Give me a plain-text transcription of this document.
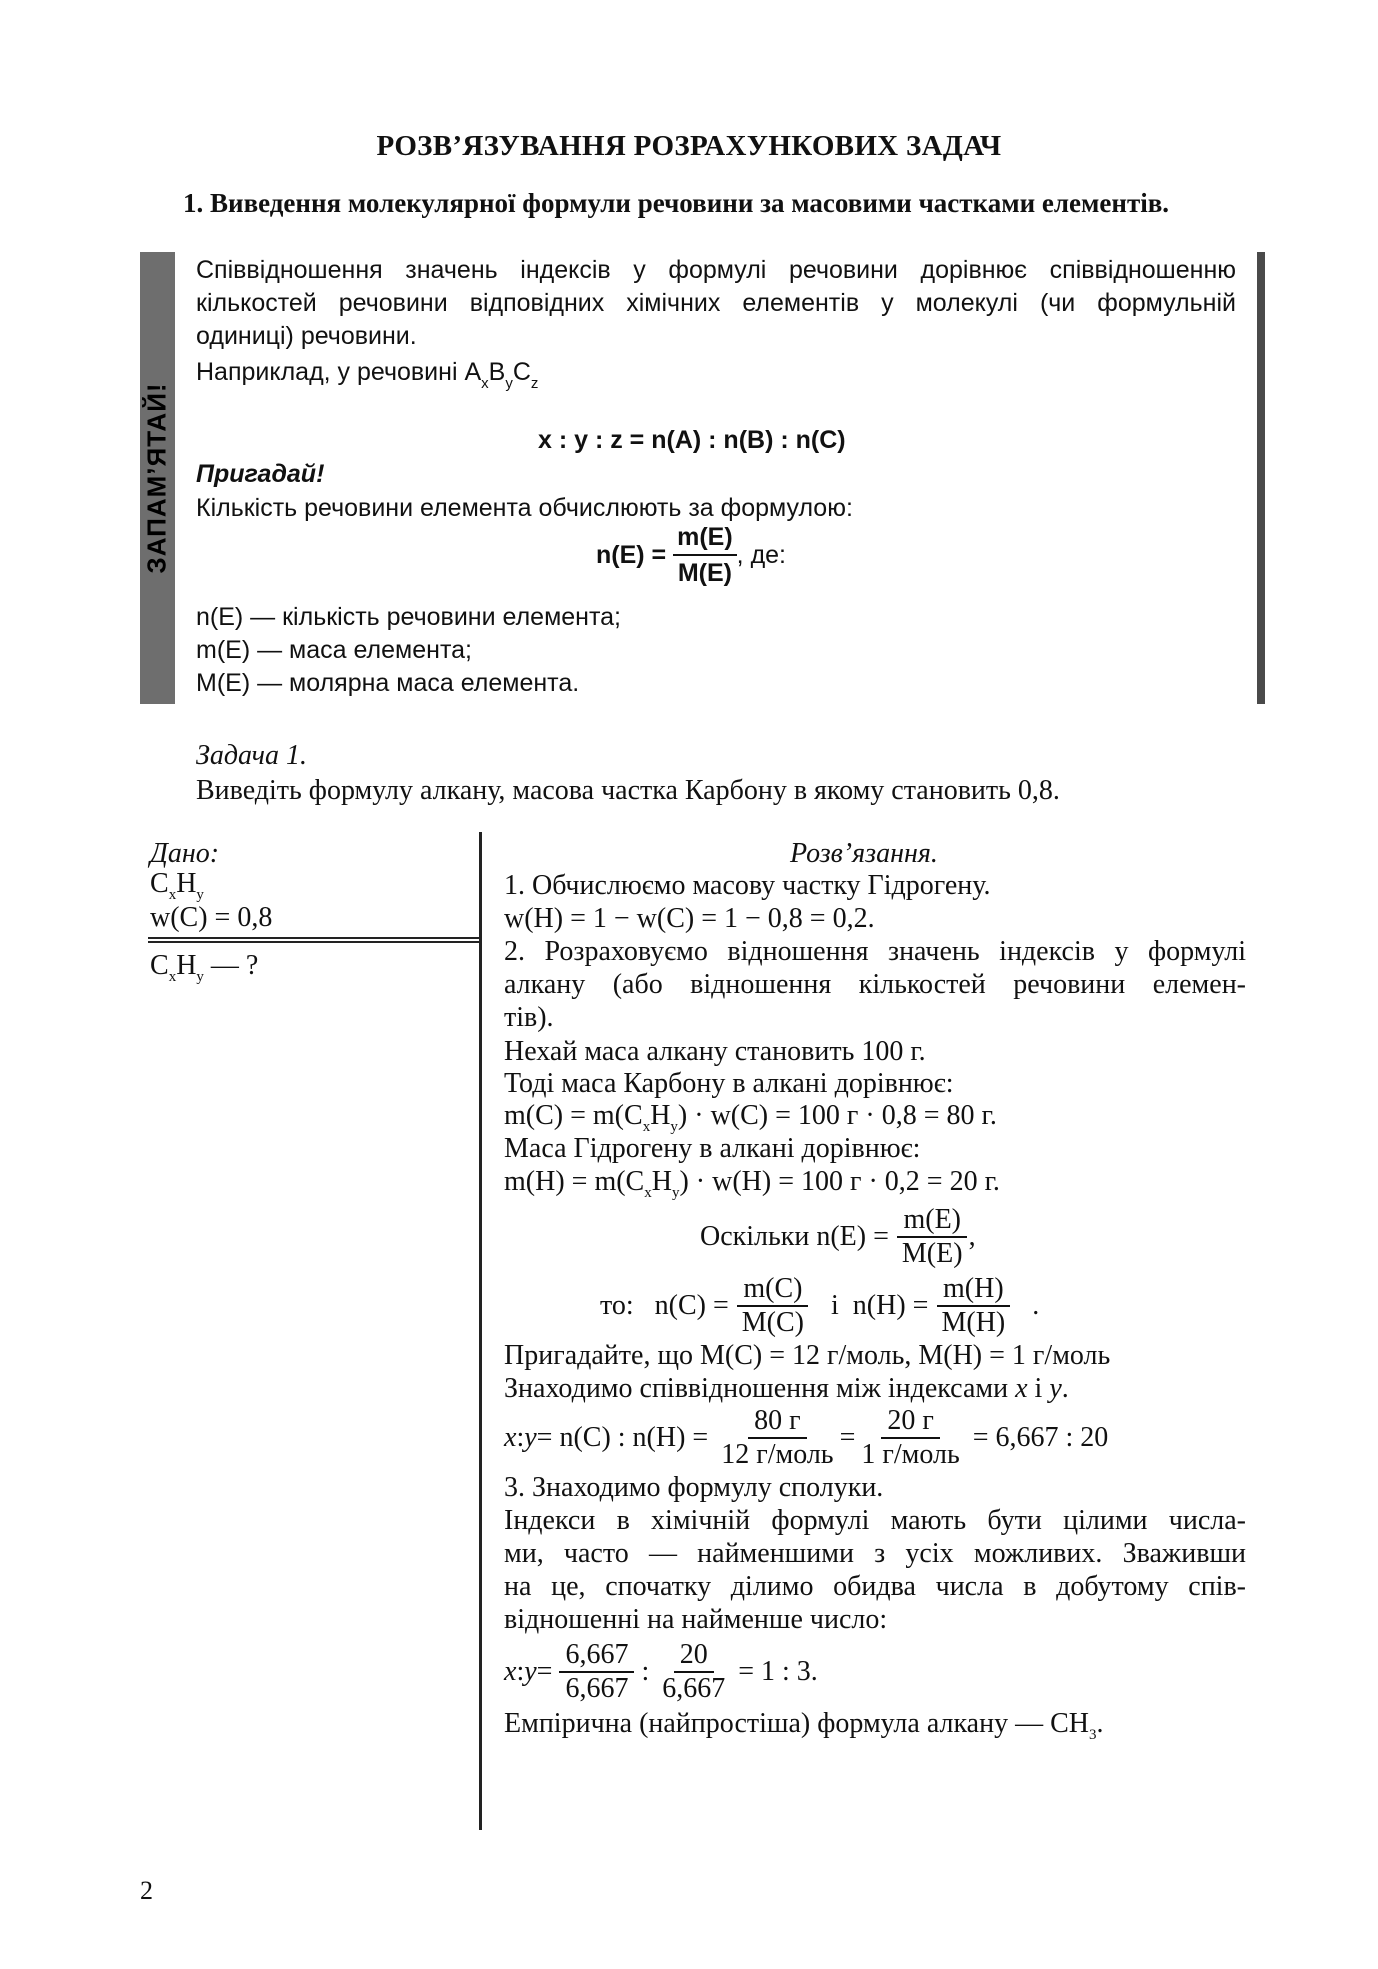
РОЗВ’ЯЗУВАННЯ РОЗРАХУНКОВИХ ЗАДАЧ
1. Виведення молекулярної формули речовини за масовими частками елементів.
ЗАПАМ’ЯТАЙ!
Співвідношення значень індексів у формулі речовини дорівнює співвідношенню
кількостей речовини відповідних хімічних елементів у молекулі (чи формульній
одиниці) речовини.
Наприклад, у речовині $A_xB_yC_z$
x : y : z = n(A) : n(B) : n(C)
Пригадай!
Кількість речовини елемента обчислюють за формулою:
n(E) =
$\frac{m(E)}{M(E)}$ , де:
n(E) — кількість речовини елемента;
m(E) — маса елемента;
M(E) — молярна маса елемента.
Задача 1.
Виведіть формулу алкану, масова частка Карбону в якому становить 0,8.
Дано:
$C_xH_y$
w(C) = 0,8
$C_xH_y$ — ?
Розв’язання.
1. Обчислюємо масову частку Гідрогену.
w(H) = 1 − w(C) = 1 − 0,8 = 0,2.
2. Розраховуємо відношення значень індексів у формулі
алкану (або відношення кількостей речовини елемен-
тів).
Нехай маса алкану становить 100 г.
Тоді маса Карбону в алкані дорівнює:
$m(C) = m(C_xH_y) \cdot w(C) = 100$ г · 0,8 = 80 г.
Маса Гідрогену в алкані дорівнює:
$m(H) = m(C_xH_y) \cdot w(H) = 100$ г · 0,2 = 20 г.
Оскільки n(E) =
$\frac{m(E)}{M(E)}$ ,
то:
n(C) =
$\frac{m(C)}{M(C)}$
і
n(H) =
$\frac{m(H)}{M(H)}$
.
Пригадайте, що M(C) = 12 г/моль, M(H) = 1 г/моль
Знаходимо співвідношення між індексами x і y.
x : y = n(C) : n(H) =
$\frac{80 г}{\text{12 г/моль}} = \frac{20 г}{\text{1 г/моль}}$
= 6,667 : 20
3. Знаходимо формулу сполуки.
Індекси в хімічній формулі мають бути цілими числа-
ми, часто — найменшими з усіх можливих. Зваживши
на це, спочатку ділимо обидва числа в добутому спів-
відношенні на найменше число:
x : y =
$\frac{6,667}{6,667}$
:
$\frac{20}{6,667}$
= 1 : 3.
Емпірична (найпростіша) формула алкану — $CH_3$.
2
